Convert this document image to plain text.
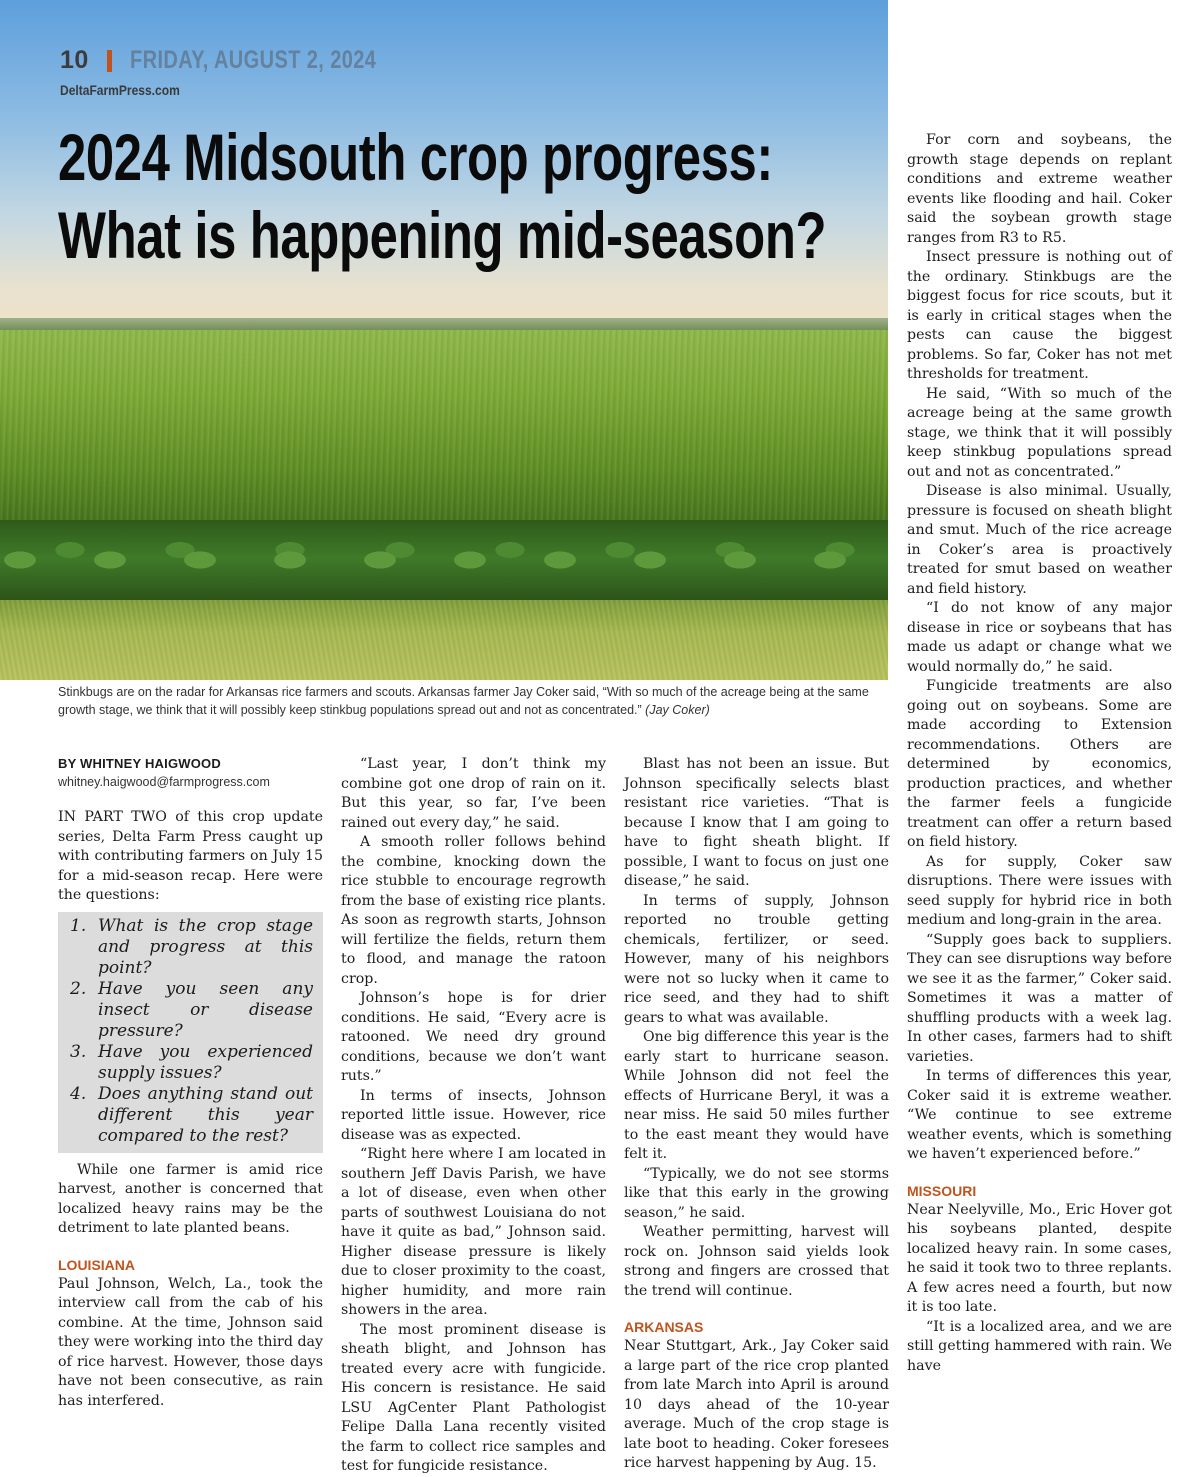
10 FRIDAY, AUGUST 2, 2024
DeltaFarmPress.com
2024 Midsouth crop progress:
What is happening mid-season?
Stinkbugs are on the radar for Arkansas rice farmers and scouts. Arkansas farmer Jay Coker said, “With so much of the acreage being at the same growth stage, we think that it will possibly keep stinkbug populations spread out and not as concentrated.” (Jay Coker)

BY WHITNEY HAIGWOOD

whitney.haigwood@farmprogress.com

IN PART TWO of this crop update series, Delta Farm Press caught up with contributing farmers on July 15 for a mid-season recap. Here were the questions:

1. What is the crop stage and progress at this point?
2. Have you seen any insect or disease pressure?
3. Have you experienced supply issues?
4. Does anything stand out different this year compared to the rest?

While one farmer is amid rice harvest, another is concerned that localized heavy rains may be the detriment to late planted beans.

LOUISIANA

Paul Johnson, Welch, La., took the interview call from the cab of his combine. At the time, Johnson said they were working into the third day of rice harvest. However, those days have not been consecutive, as rain has interfered.

“Last year, I don’t think my combine got one drop of rain on it. But this year, so far, I’ve been rained out every day,” he said.

A smooth roller follows behind the combine, knocking down the rice stubble to encourage regrowth from the base of existing rice plants. As soon as regrowth starts, Johnson will fertilize the fields, return them to flood, and manage the ratoon crop.

Johnson’s hope is for drier conditions. He said, “Every acre is ratooned. We need dry ground conditions, because we don’t want ruts.”

In terms of insects, Johnson reported little issue. However, rice disease was as expected.

“Right here where I am located in southern Jeff Davis Parish, we have a lot of disease, even when other parts of southwest Louisiana do not have it quite as bad,” Johnson said. Higher disease pressure is likely due to closer proximity to the coast, higher humidity, and more rain showers in the area.

The most prominent disease is sheath blight, and Johnson has treated every acre with fungicide. His concern is resistance. He said LSU AgCenter Plant Pathologist Felipe Dalla Lana recently visited the farm to collect rice samples and test for fungicide resistance.

Blast has not been an issue. But Johnson specifically selects blast resistant rice varieties. “That is because I know that I am going to have to fight sheath blight. If possible, I want to focus on just one disease,” he said.

In terms of supply, Johnson reported no trouble getting chemicals, fertilizer, or seed. However, many of his neighbors were not so lucky when it came to rice seed, and they had to shift gears to what was available.

One big difference this year is the early start to hurricane season. While Johnson did not feel the effects of Hurricane Beryl, it was a near miss. He said 50 miles further to the east meant they would have felt it.

“Typically, we do not see storms like that this early in the growing season,” he said.

Weather permitting, harvest will rock on. Johnson said yields look strong and fingers are crossed that the trend will continue.

ARKANSAS

Near Stuttgart, Ark., Jay Coker said a large part of the rice crop planted from late March into April is around 10 days ahead of the 10-year average. Much of the crop stage is late boot to heading. Coker foresees rice harvest happening by Aug. 15.

For corn and soybeans, the growth stage depends on replant conditions and extreme weather events like flooding and hail. Coker said the soybean growth stage ranges from R3 to R5.

Insect pressure is nothing out of the ordinary. Stinkbugs are the biggest focus for rice scouts, but it is early in critical stages when the pests can cause the biggest problems. So far, Coker has not met thresholds for treatment.

He said, “With so much of the acreage being at the same growth stage, we think that it will possibly keep stinkbug populations spread out and not as concentrated.”

Disease is also minimal. Usually, pressure is focused on sheath blight and smut. Much of the rice acreage in Coker’s area is proactively treated for smut based on weather and field history.

“I do not know of any major disease in rice or soybeans that has made us adapt or change what we would normally do,” he said.

Fungicide treatments are also going out on soybeans. Some are made according to Extension recommendations. Others are determined by economics, production practices, and whether the farmer feels a fungicide treatment can offer a return based on field history.

As for supply, Coker saw disruptions. There were issues with seed supply for hybrid rice in both medium and long-grain in the area.

“Supply goes back to suppliers. They can see disruptions way before we see it as the farmer,” Coker said. Sometimes it was a matter of shuffling products with a week lag. In other cases, farmers had to shift varieties.

In terms of differences this year, Coker said it is extreme weather. “We continue to see extreme weather events, which is something we haven’t experienced before.”

MISSOURI

Near Neelyville, Mo., Eric Hover got his soybeans planted, despite localized heavy rain. In some cases, he said it took two to three replants. A few acres need a fourth, but now it is too late.

“It is a localized area, and we are still getting hammered with rain. We have
